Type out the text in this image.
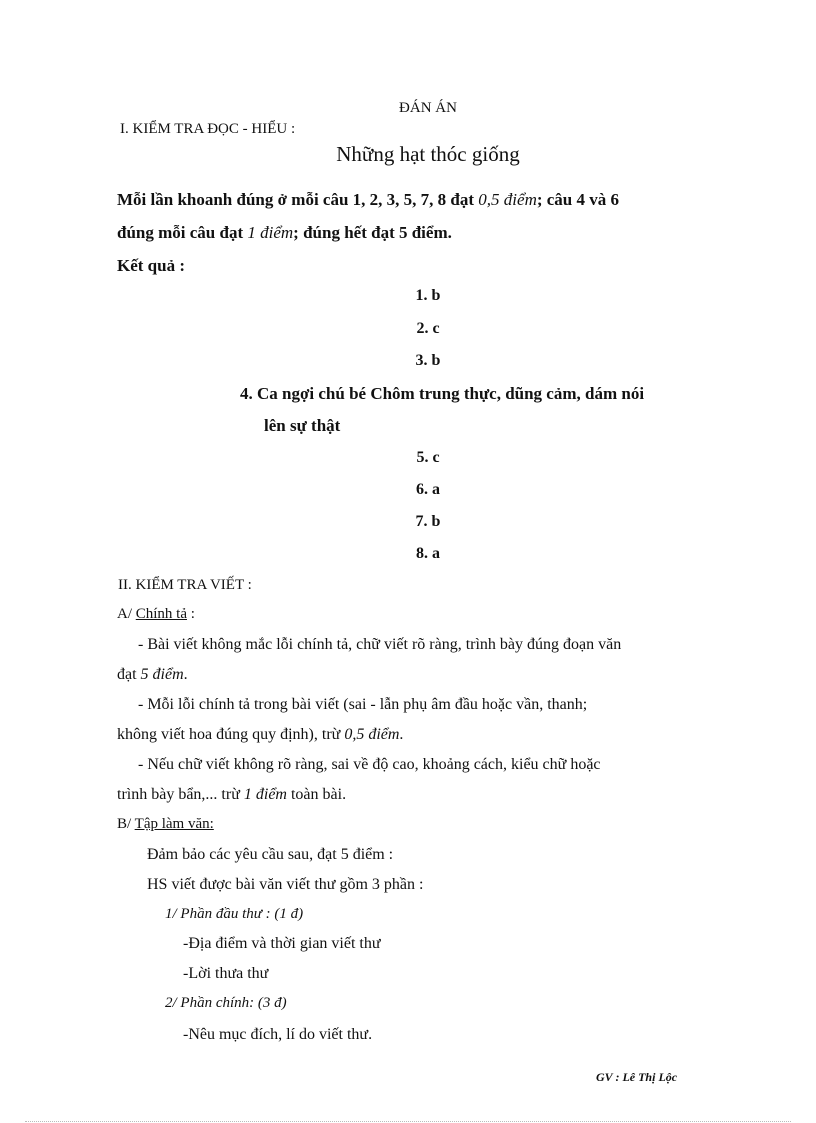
ĐÁN ÁN
I. KIỂM TRA ĐỌC - HIỂU :
Những hạt thóc giống
Mỗi lần khoanh đúng ở mỗi câu 1, 2, 3, 5, 7, 8 đạt 0,5 điểm; câu 4 và 6
đúng mỗi câu đạt 1 điểm; đúng hết đạt 5 điểm.
Kết quả :
1. b
2. c
3. b
4. Ca ngợi chú bé Chôm trung thực, dũng cảm, dám nói
lên sự thật
5. c
6. a
7. b
8. a
II. KIỂM TRA VIẾT :
A/ Chính tả :
- Bài viết không mắc lỗi chính tả, chữ viết rõ ràng, trình bày đúng đoạn văn
đạt 5 điểm.
- Mỗi lỗi chính tả trong bài viết (sai - lẫn phụ âm đầu hoặc vần, thanh;
không viết hoa đúng quy định), trừ 0,5 điểm.
- Nếu chữ viết không rõ ràng, sai về độ cao, khoảng cách, kiểu chữ hoặc
trình bày bẩn,... trừ 1 điểm toàn bài.
B/ Tập làm văn:
Đảm bảo các yêu cầu sau, đạt 5 điểm :
HS viết được bài văn viết thư gồm 3 phần :
1/ Phần đầu thư : (1 đ)
-Địa điểm và thời gian viết thư
-Lời thưa thư
2/ Phần chính: (3 đ)
-Nêu mục đích, lí do viết thư.
GV : Lê Thị Lộc
